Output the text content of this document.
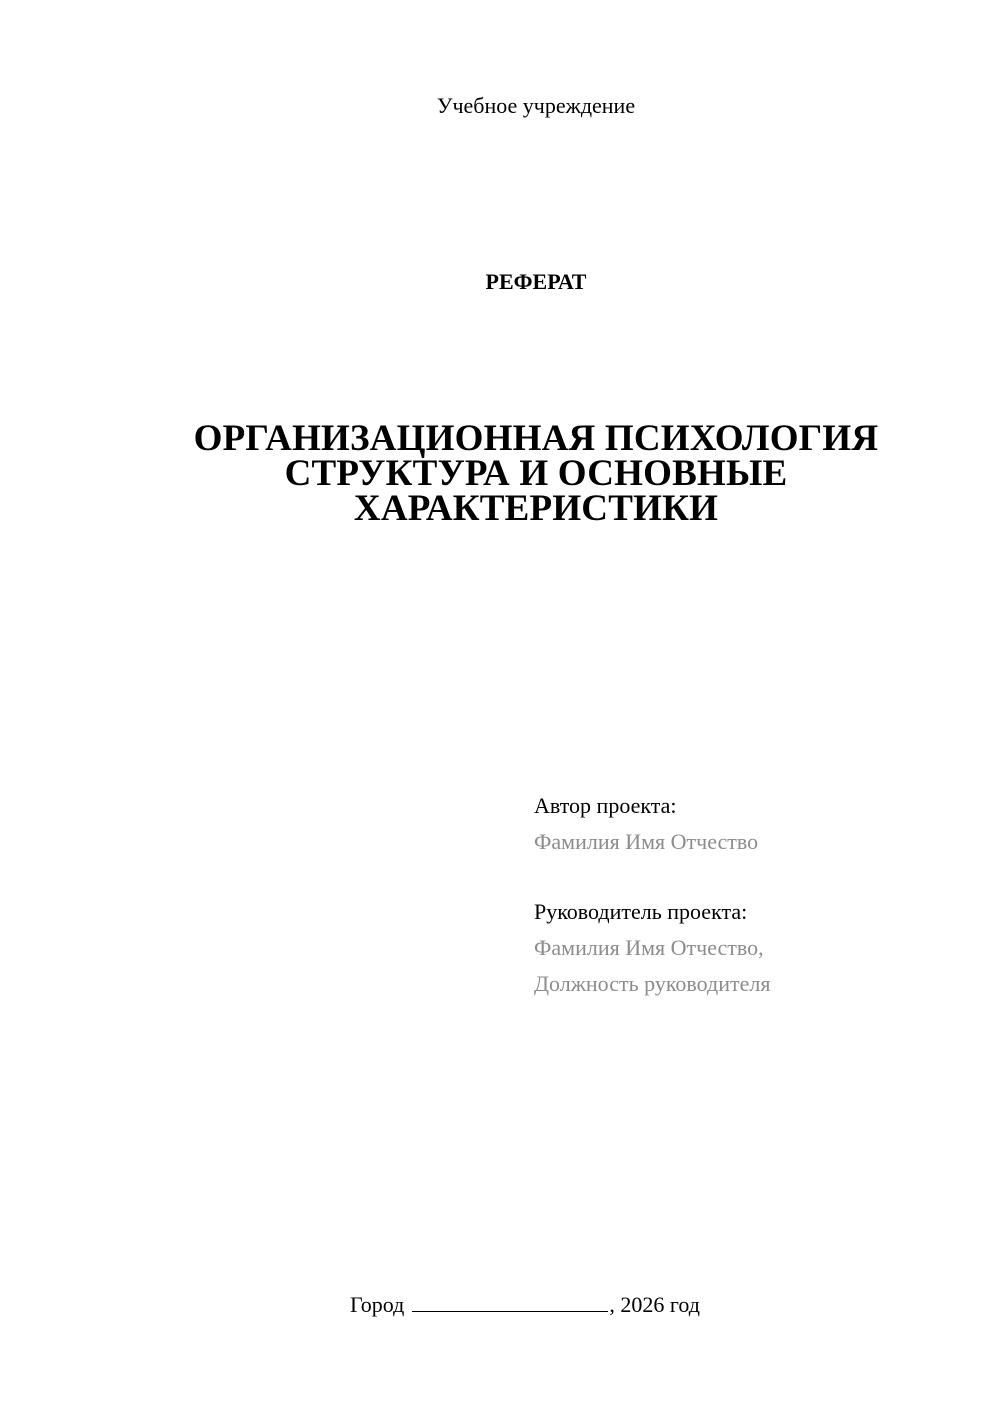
Учебное учреждение
РЕФЕРАТ
ОРГАНИЗАЦИОННАЯ ПСИХОЛОГИЯ
СТРУКТУРА И ОСНОВНЫЕ
ХАРАКТЕРИСТИКИ
Автор проекта:
Фамилия Имя Отчество
Руководитель проекта:
Фамилия Имя Отчество,
Должность руководителя
Город	, 2026 год
